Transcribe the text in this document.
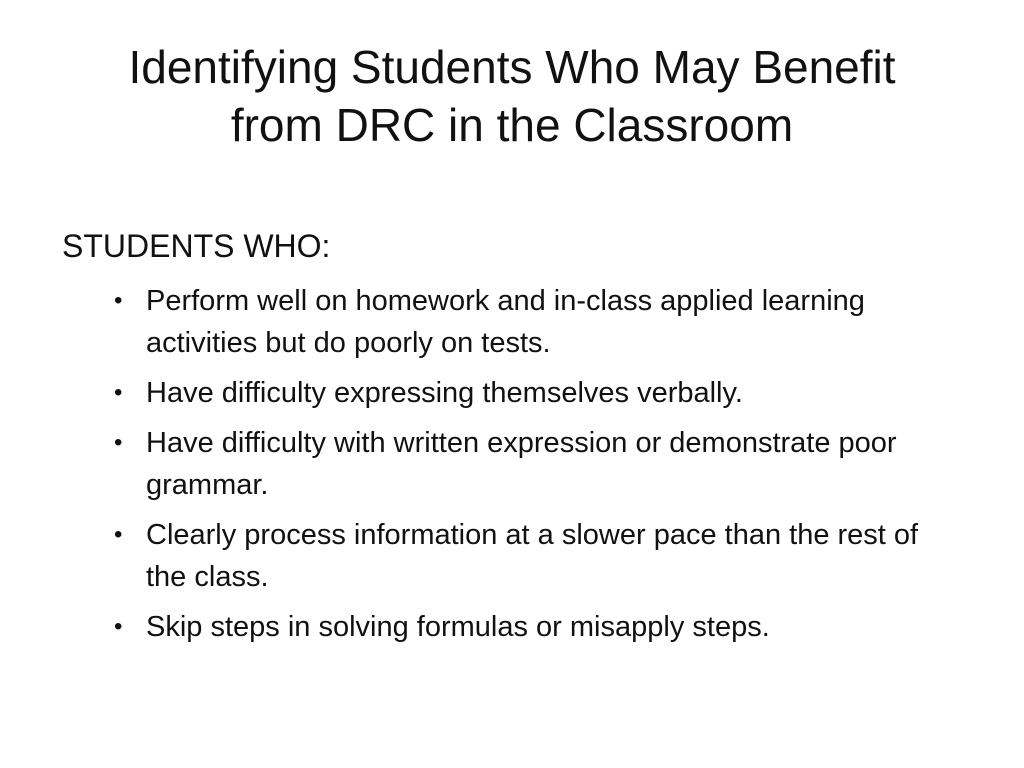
Identifying Students Who May Benefit
from DRC in the Classroom
STUDENTS WHO:
• Perform well on homework and in-class applied learning activities but do poorly on tests.
• Have difficulty expressing themselves verbally.
• Have difficulty with written expression or demonstrate poor grammar.
• Clearly process information at a slower pace than the rest of the class.
• Skip steps in solving formulas or misapply steps.
